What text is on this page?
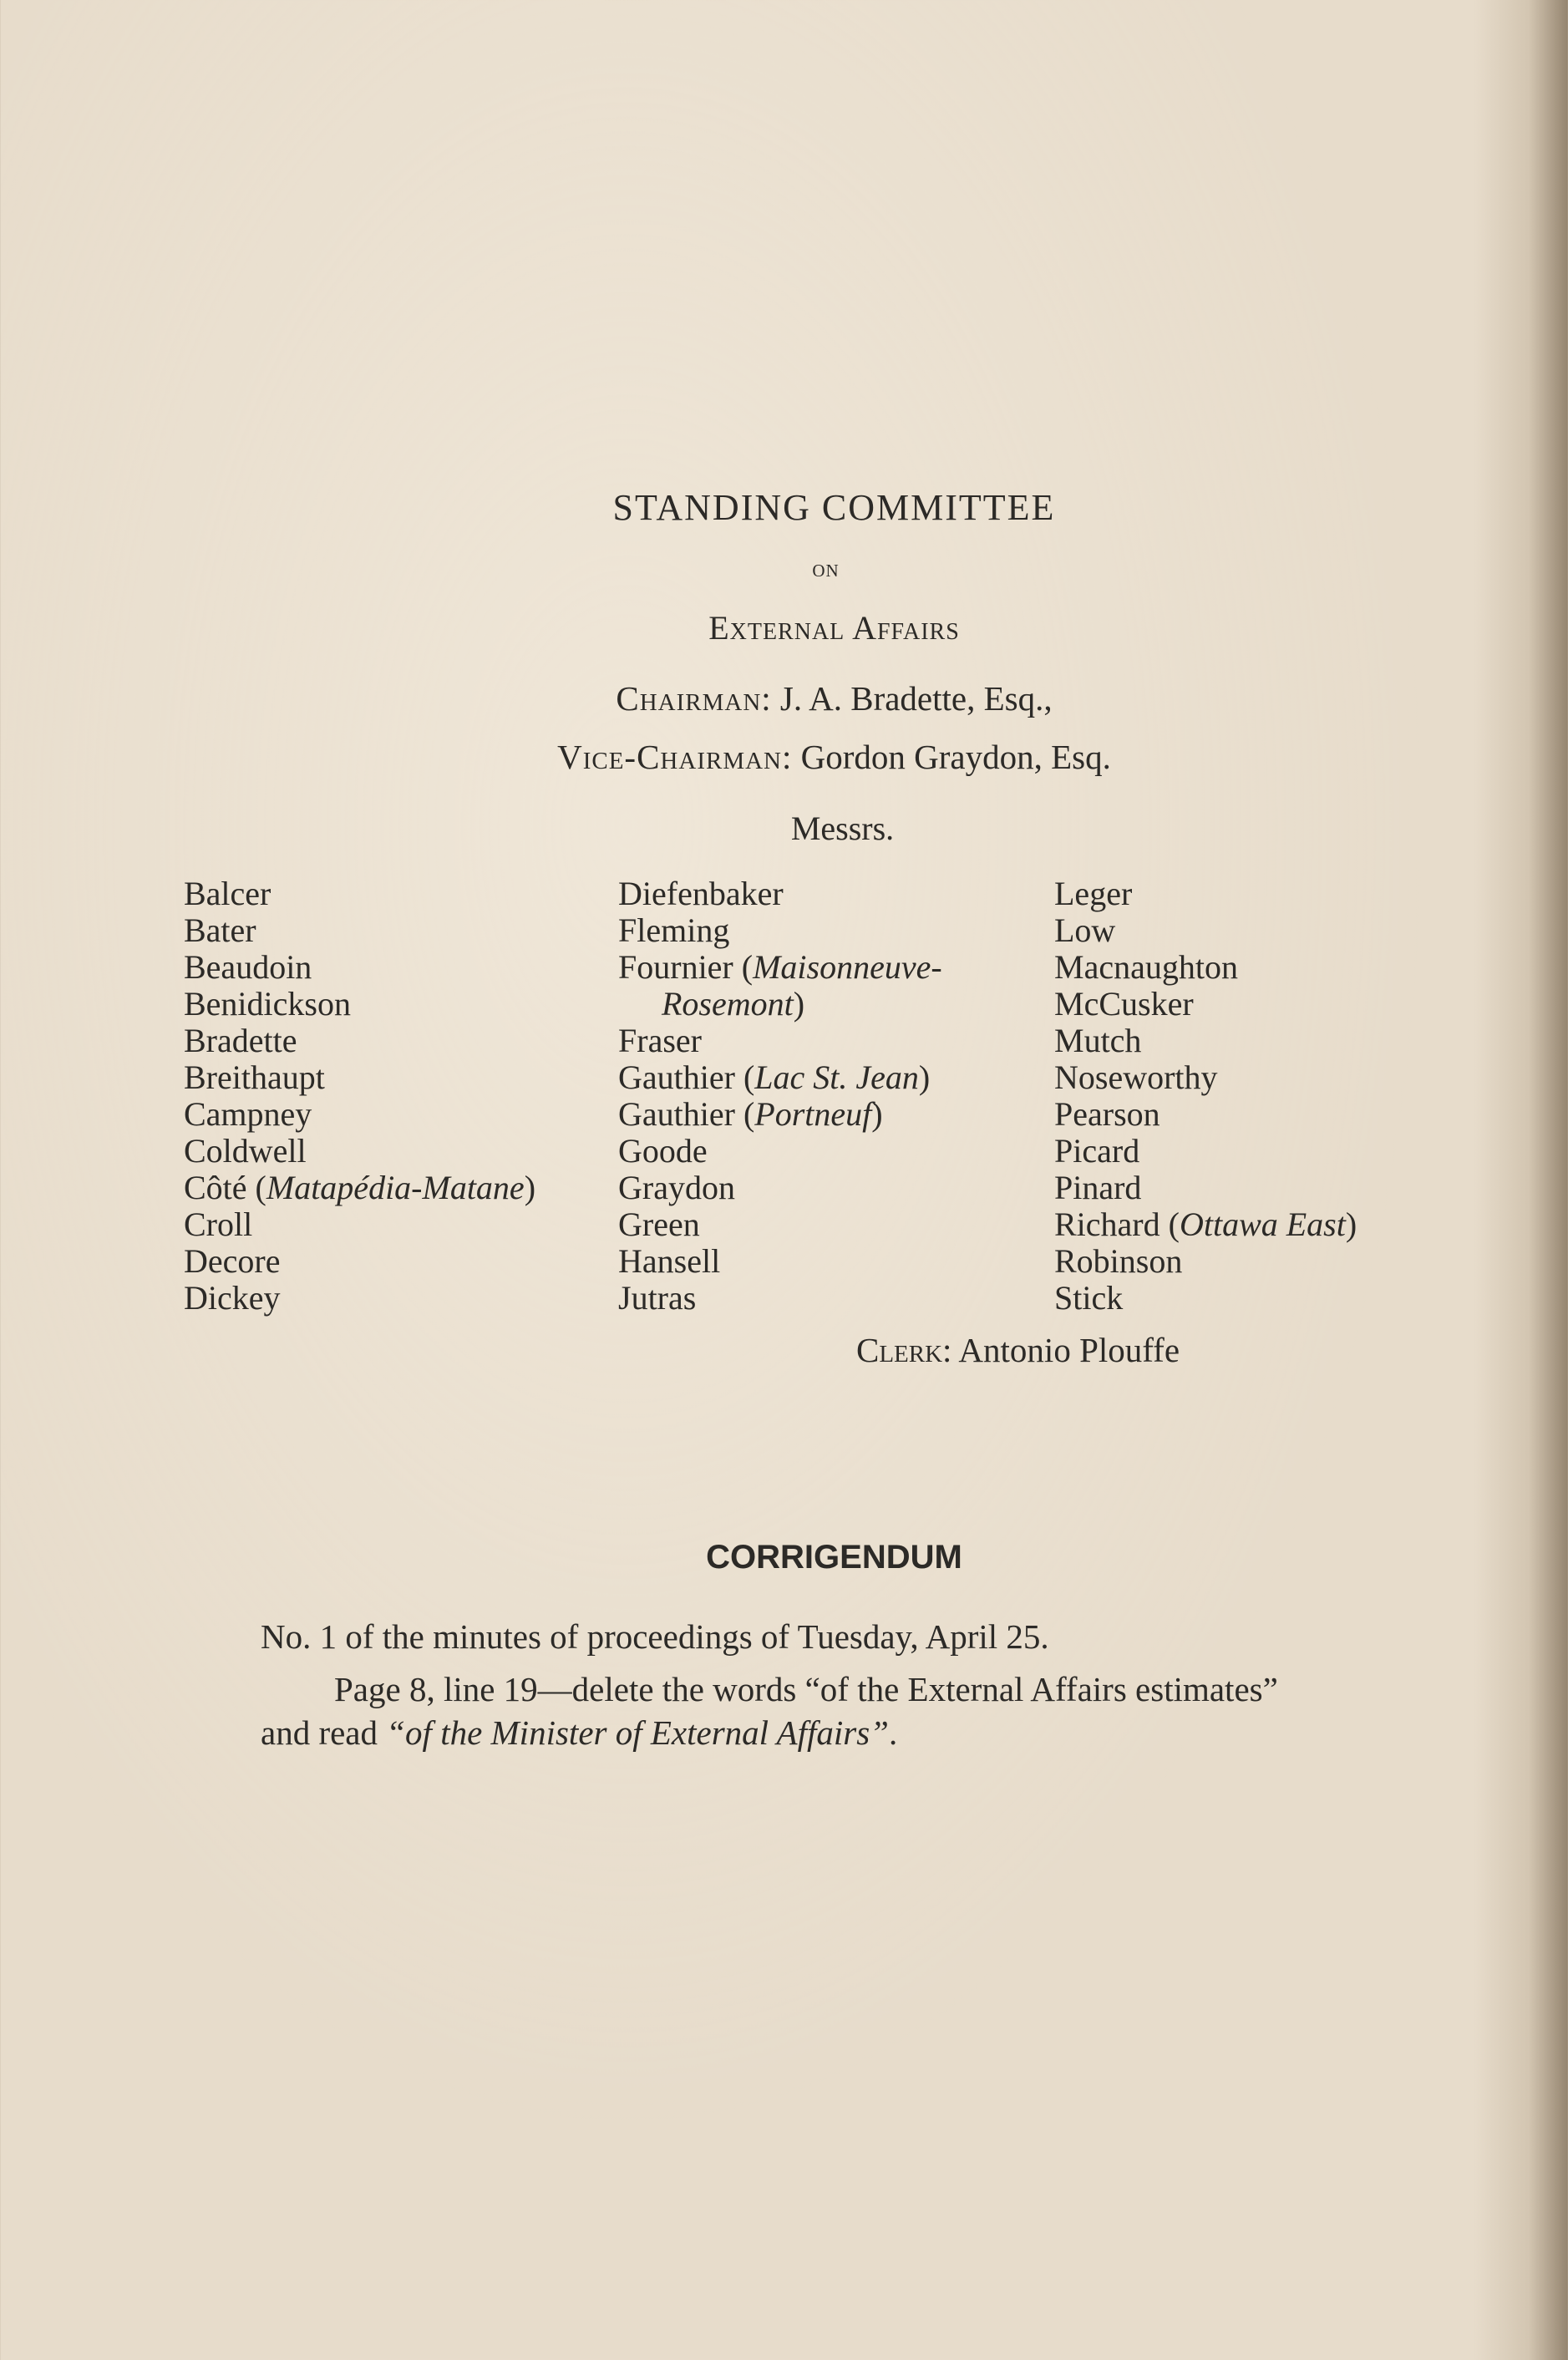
STANDING COMMITTEE
on
External Affairs
Chairman: J. A. Bradette, Esq.,
Vice-Chairman: Gordon Graydon, Esq.
Messrs.
Balcer
Bater
Beaudoin
Benidickson
Bradette
Breithaupt
Campney
Coldwell
Côté (Matapédia-Matane)
Croll
Decore
Dickey
Diefenbaker
Fleming
Fournier (Maisonneuve-
Rosemont)
Fraser
Gauthier (Lac St. Jean)
Gauthier (Portneuf)
Goode
Graydon
Green
Hansell
Jutras
Leger
Low
Macnaughton
McCusker
Mutch
Noseworthy
Pearson
Picard
Pinard
Richard (Ottawa East)
Robinson
Stick
Clerk: Antonio Plouffe
CORRIGENDUM
No. 1 of the minutes of proceedings of Tuesday, April 25.
Page 8, line 19—delete the words “of the External Affairs estimates”
and read “of the Minister of External Affairs”.
